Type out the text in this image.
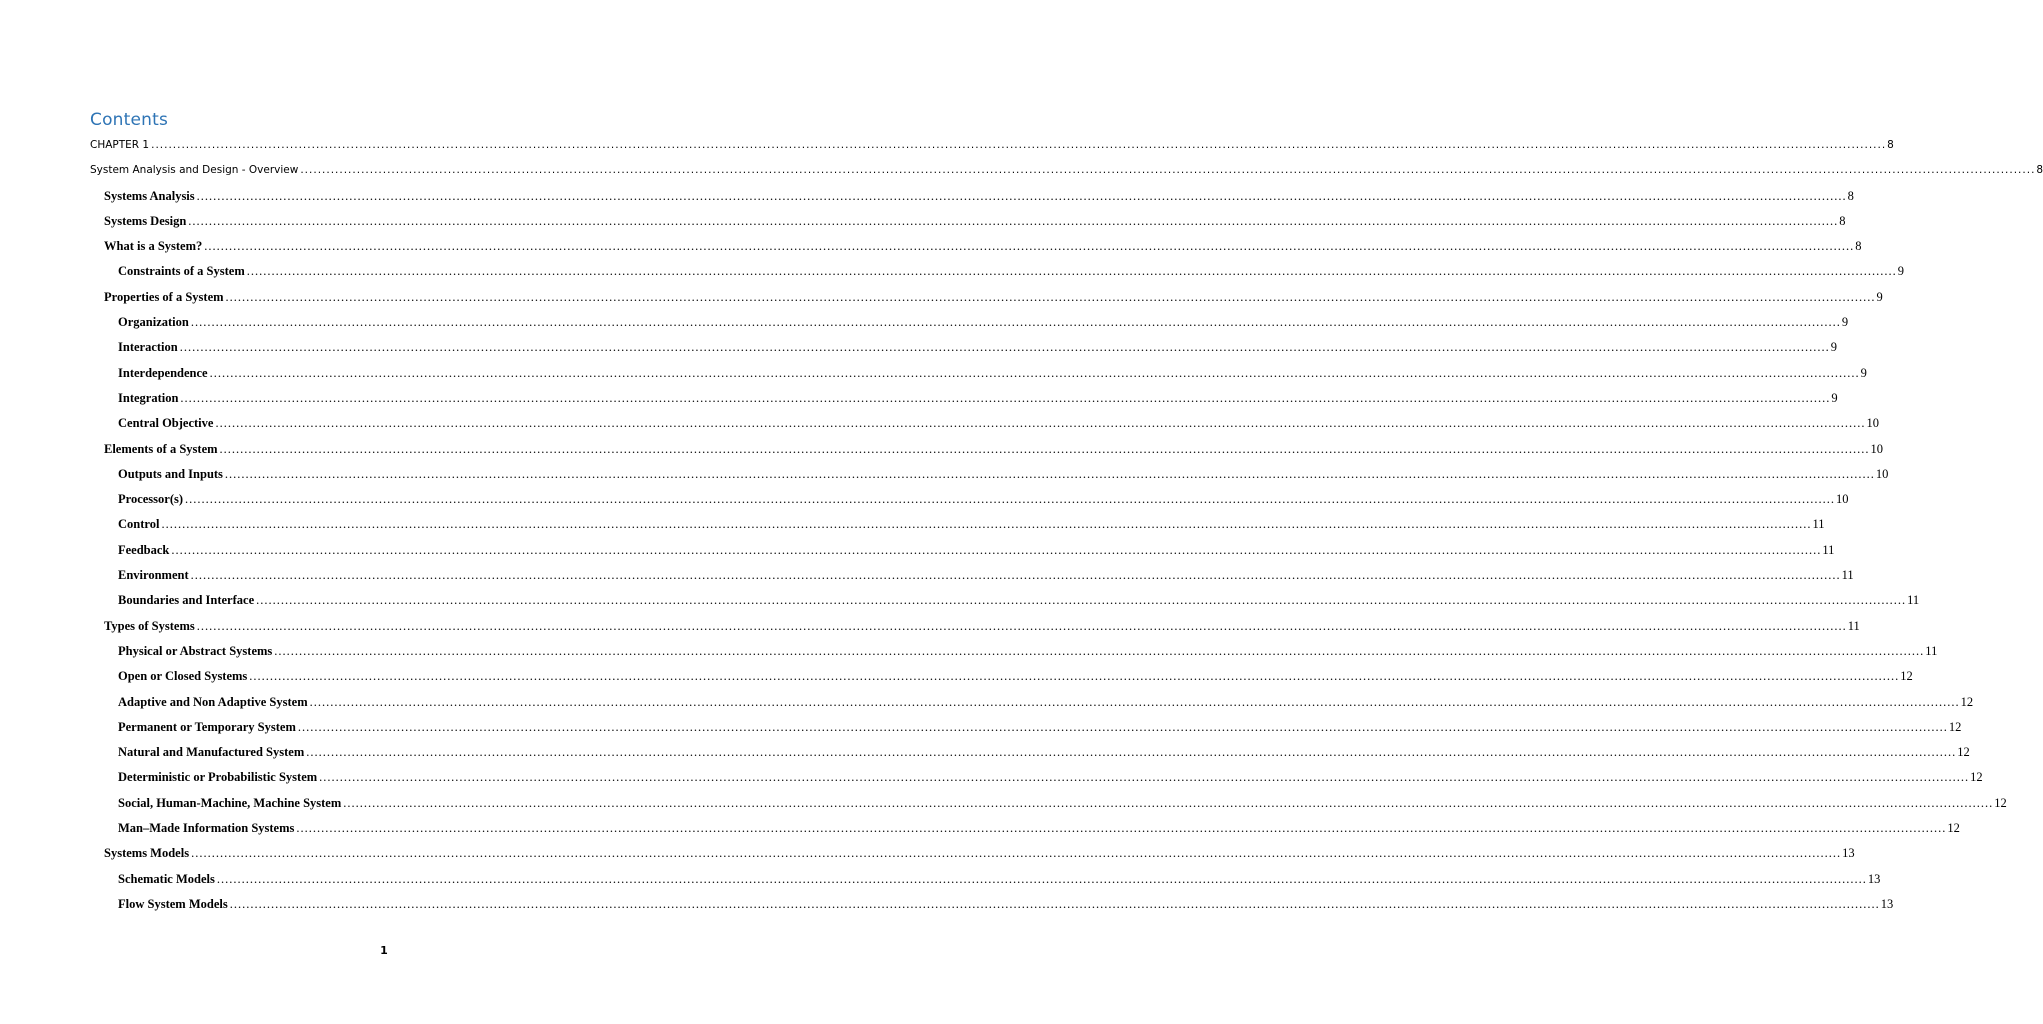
Contents
CHAPTER 1 ................................................................................................................................................................................................................................................................................................................................................................................................................ 8
System Analysis and Design - Overview ................................................................................................................................................................................................................................................................................................................................................................................................................ 8
Systems Analysis ................................................................................................................................................................................................................................................................................................................................................................................................................ 8
Systems Design ................................................................................................................................................................................................................................................................................................................................................................................................................ 8
What is a System? ................................................................................................................................................................................................................................................................................................................................................................................................................ 8
Constraints of a System ................................................................................................................................................................................................................................................................................................................................................................................................................ 9
Properties of a System ................................................................................................................................................................................................................................................................................................................................................................................................................ 9
Organization ................................................................................................................................................................................................................................................................................................................................................................................................................ 9
Interaction ................................................................................................................................................................................................................................................................................................................................................................................................................ 9
Interdependence ................................................................................................................................................................................................................................................................................................................................................................................................................ 9
Integration ................................................................................................................................................................................................................................................................................................................................................................................................................ 9
Central Objective ................................................................................................................................................................................................................................................................................................................................................................................................................ 10
Elements of a System ................................................................................................................................................................................................................................................................................................................................................................................................................ 10
Outputs and Inputs ................................................................................................................................................................................................................................................................................................................................................................................................................ 10
Processor(s) ................................................................................................................................................................................................................................................................................................................................................................................................................ 10
Control ................................................................................................................................................................................................................................................................................................................................................................................................................ 11
Feedback ................................................................................................................................................................................................................................................................................................................................................................................................................ 11
Environment ................................................................................................................................................................................................................................................................................................................................................................................................................ 11
Boundaries and Interface ................................................................................................................................................................................................................................................................................................................................................................................................................ 11
Types of Systems ................................................................................................................................................................................................................................................................................................................................................................................................................ 11
Physical or Abstract Systems ................................................................................................................................................................................................................................................................................................................................................................................................................ 11
Open or Closed Systems ................................................................................................................................................................................................................................................................................................................................................................................................................ 12
Adaptive and Non Adaptive System ................................................................................................................................................................................................................................................................................................................................................................................................................ 12
Permanent or Temporary System ................................................................................................................................................................................................................................................................................................................................................................................................................ 12
Natural and Manufactured System ................................................................................................................................................................................................................................................................................................................................................................................................................ 12
Deterministic or Probabilistic System ................................................................................................................................................................................................................................................................................................................................................................................................................ 12
Social, Human-Machine, Machine System ................................................................................................................................................................................................................................................................................................................................................................................................................ 12
Man–Made Information Systems ................................................................................................................................................................................................................................................................................................................................................................................................................ 12
Systems Models ................................................................................................................................................................................................................................................................................................................................................................................................................ 13
Schematic Models ................................................................................................................................................................................................................................................................................................................................................................................................................ 13
Flow System Models ................................................................................................................................................................................................................................................................................................................................................................................................................ 13
1
